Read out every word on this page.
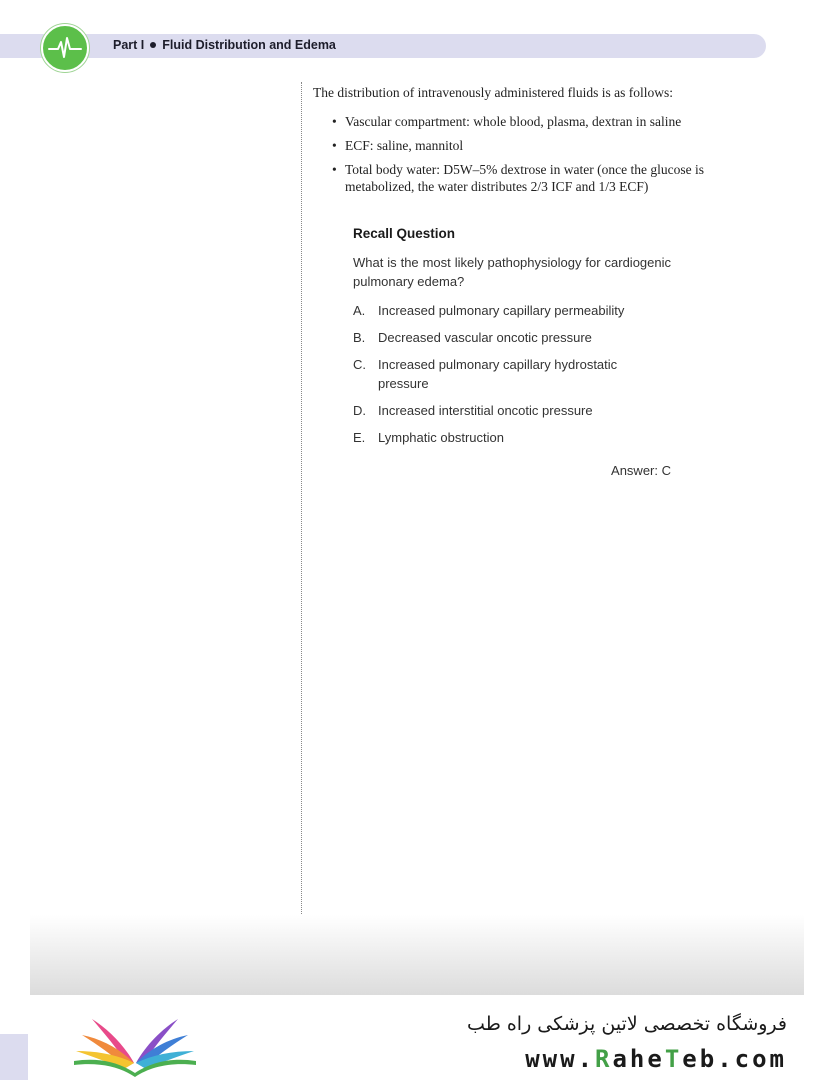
Part I Fluid Distribution and Edema

The distribution of intravenously administered fluids is as follows:

• Vascular compartment: whole blood, plasma, dextran in saline
• ECF: saline, mannitol
• Total body water: D5W–5% dextrose in water (once the glucose is metabolized, the water distributes 2/3 ICF and 1/3 ECF)
Recall Question

What is the most likely pathophysiology for cardiogenic pulmonary edema?

A. Increased pulmonary capillary permeability
B. Decreased vascular oncotic pressure
C. Increased pulmonary capillary hydrostatic pressure
D. Increased interstitial oncotic pressure
E. Lymphatic obstruction
Answer: C
فروشگاه تخصصی لاتین پزشکی راه طب
www.RaheTeb.com
